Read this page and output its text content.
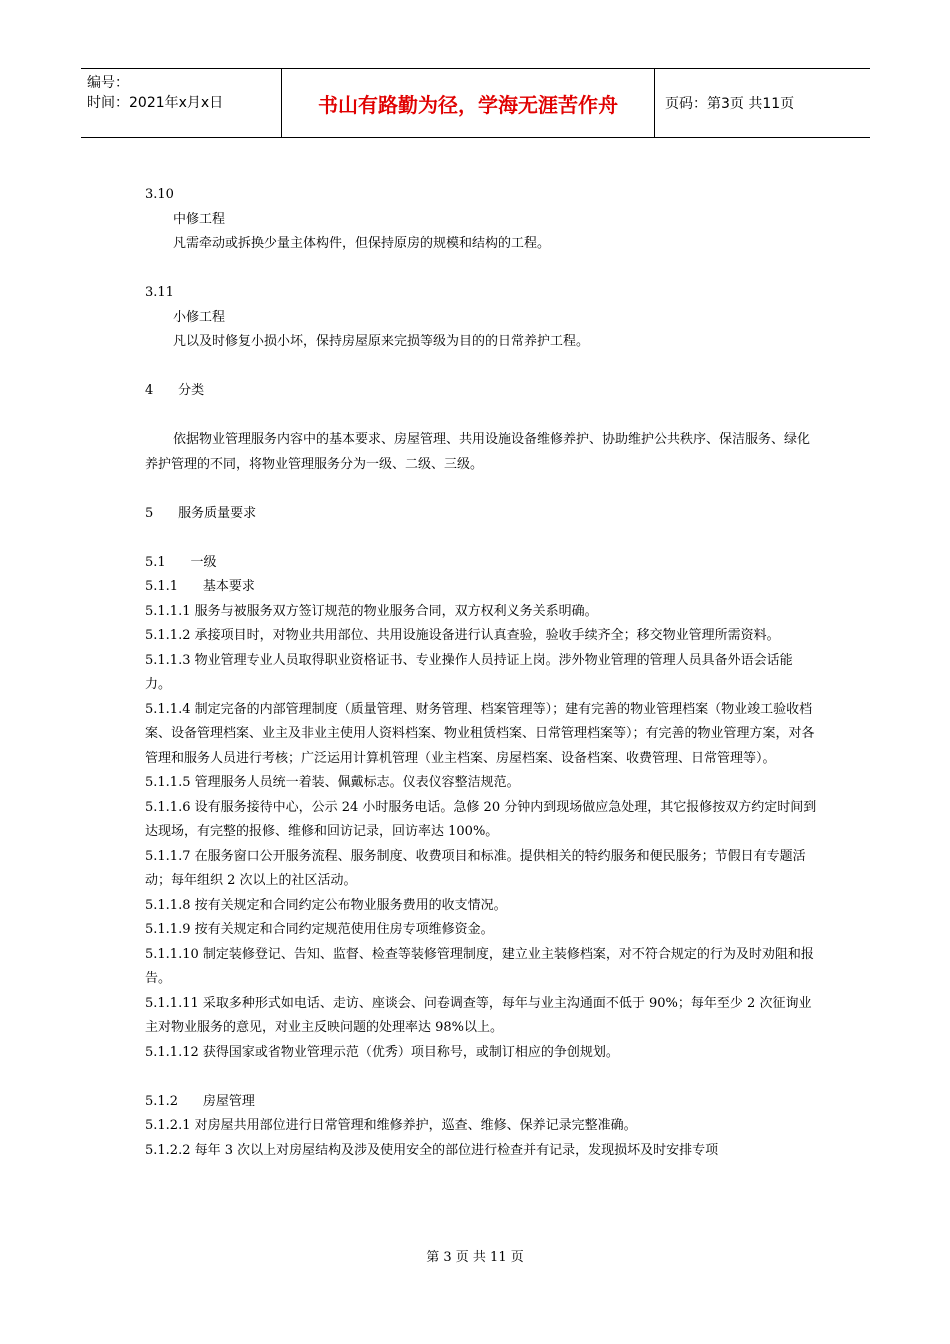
编号：
时间：2021年x月x日	书山有路勤为径，学海无涯苦作舟	页码：第3页 共11页
3.10
中修工程
凡需牵动或拆换少量主体构件，但保持原房的规模和结构的工程。
3.11
小修工程
凡以及时修复小损小坏，保持房屋原来完损等级为目的的日常养护工程。
4      分类
依据物业管理服务内容中的基本要求、房屋管理、共用设施设备维修养护、协助维护公共秩序、保洁服务、绿化养护管理的不同，将物业管理服务分为一级、二级、三级。
5      服务质量要求
5.1      一级
5.1.1      基本要求
5.1.1.1 服务与被服务双方签订规范的物业服务合同，双方权利义务关系明确。
5.1.1.2 承接项目时，对物业共用部位、共用设施设备进行认真查验，验收手续齐全；移交物业管理所需资料。
5.1.1.3 物业管理专业人员取得职业资格证书、专业操作人员持证上岗。涉外物业管理的管理人员具备外语会话能力。
5.1.1.4 制定完备的内部管理制度（质量管理、财务管理、档案管理等）；建有完善的物业管理档案（物业竣工验收档案、设备管理档案、业主及非业主使用人资料档案、物业租赁档案、日常管理档案等）；有完善的物业管理方案，对各管理和服务人员进行考核；广泛运用计算机管理（业主档案、房屋档案、设备档案、收费管理、日常管理等）。
5.1.1.5 管理服务人员统一着装、佩戴标志。仪表仪容整洁规范。
5.1.1.6 设有服务接待中心，公示 24 小时服务电话。急修 20 分钟内到现场做应急处理，其它报修按双方约定时间到达现场，有完整的报修、维修和回访记录，回访率达 100%。
5.1.1.7 在服务窗口公开服务流程、服务制度、收费项目和标准。提供相关的特约服务和便民服务；节假日有专题活动；每年组织 2 次以上的社区活动。
5.1.1.8 按有关规定和合同约定公布物业服务费用的收支情况。
5.1.1.9 按有关规定和合同约定规范使用住房专项维修资金。
5.1.1.10 制定装修登记、告知、监督、检查等装修管理制度，建立业主装修档案，对不符合规定的行为及时劝阻和报告。
5.1.1.11 采取多种形式如电话、走访、座谈会、问卷调查等，每年与业主沟通面不低于 90%；每年至少 2 次征询业主对物业服务的意见，对业主反映问题的处理率达 98%以上。
5.1.1.12 获得国家或省物业管理示范（优秀）项目称号，或制订相应的争创规划。
5.1.2      房屋管理
5.1.2.1 对房屋共用部位进行日常管理和维修养护，巡查、维修、保养记录完整准确。
5.1.2.2 每年 3 次以上对房屋结构及涉及使用安全的部位进行检查并有记录，发现损坏及时安排专项
第 3 页 共 11 页
